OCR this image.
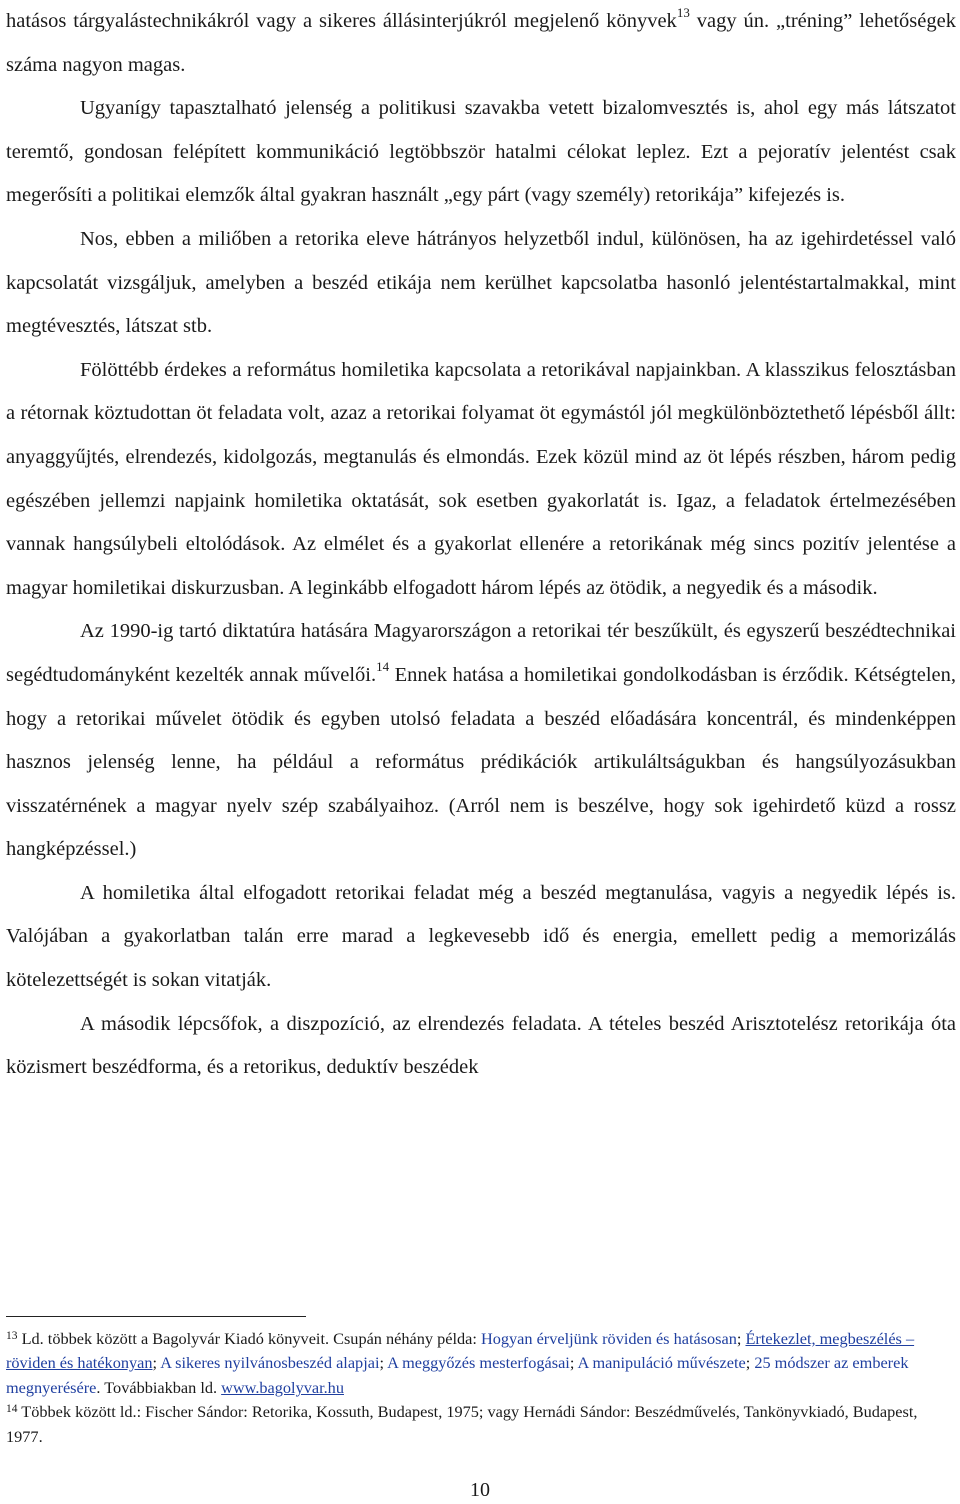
hatásos tárgyalástechnikákról vagy a sikeres állásinterjúkról megjelenő könyvek$^{13}$ vagy ún. „tréning” lehetőségek száma nagyon magas.

Ugyanígy tapasztalható jelenség a politikusi szavakba vetett bizalomvesztés is, ahol egy más látszatot teremtő, gondosan felépített kommunikáció legtöbbször hatalmi célokat leplez. Ezt a pejoratív jelentést csak megerősíti a politikai elemzők által gyakran használt „egy párt (vagy személy) retorikája” kifejezés is.

Nos, ebben a miliőben a retorika eleve hátrányos helyzetből indul, különösen, ha az igehirdetéssel való kapcsolatát vizsgáljuk, amelyben a beszéd etikája nem kerülhet kapcsolatba hasonló jelentéstartalmakkal, mint megtévesztés, látszat stb.

Fölöttébb érdekes a református homiletika kapcsolata a retorikával napjainkban. A klasszikus felosztásban a rétornak köztudottan öt feladata volt, azaz a retorikai folyamat öt egymástól jól megkülönböztethető lépésből állt: anyaggyűjtés, elrendezés, kidolgozás, megtanulás és elmondás. Ezek közül mind az öt lépés részben, három pedig egészében jellemzi napjaink homiletika oktatását, sok esetben gyakorlatát is. Igaz, a feladatok értelmezésében vannak hangsúlybeli eltolódások. Az elmélet és a gyakorlat ellenére a retorikának még sincs pozitív jelentése a magyar homiletikai diskurzusban. A leginkább elfogadott három lépés az ötödik, a negyedik és a második.

Az 1990-ig tartó diktatúra hatására Magyarországon a retorikai tér beszűkült, és egyszerű beszédtechnikai segédtudományként kezelték annak művelői.$^{14}$ Ennek hatása a homiletikai gondolkodásban is érződik. Kétségtelen, hogy a retorikai művelet ötödik és egyben utolsó feladata a beszéd előadására koncentrál, és mindenképpen hasznos jelenség lenne, ha például a református prédikációk artikuláltságukban és hangsúlyozásukban visszatérnének a magyar nyelv szép szabályaihoz. (Arról nem is beszélve, hogy sok igehirdető küzd a rossz hangképzéssel.)

A homiletika által elfogadott retorikai feladat még a beszéd megtanulása, vagyis a negyedik lépés is. Valójában a gyakorlatban talán erre marad a legkevesebb idő és energia, emellett pedig a memorizálás kötelezettségét is sokan vitatják.

A második lépcsőfok, a diszpozíció, az elrendezés feladata. A tételes beszéd Arisztotelész retorikája óta közismert beszédforma, és a retorikus, deduktív beszédek

$^{13}$ Ld. többek között a Bagolyvár Kiadó könyveit. Csupán néhány példa: Hogyan érveljünk röviden és hatásosan; Értekezlet, megbeszélés – röviden és hatékonyan; A sikeres nyilvánosbeszéd alapjai; A meggyőzés mesterfogásai; A manipuláció művészete; 25 módszer az emberek megnyerésére. Továbbiakban ld. www.bagolyvar.hu

$^{14}$ Többek között ld.: Fischer Sándor: Retorika, Kossuth, Budapest, 1975; vagy Hernádi Sándor: Beszédművelés, Tankönyvkiadó, Budapest, 1977.

10
